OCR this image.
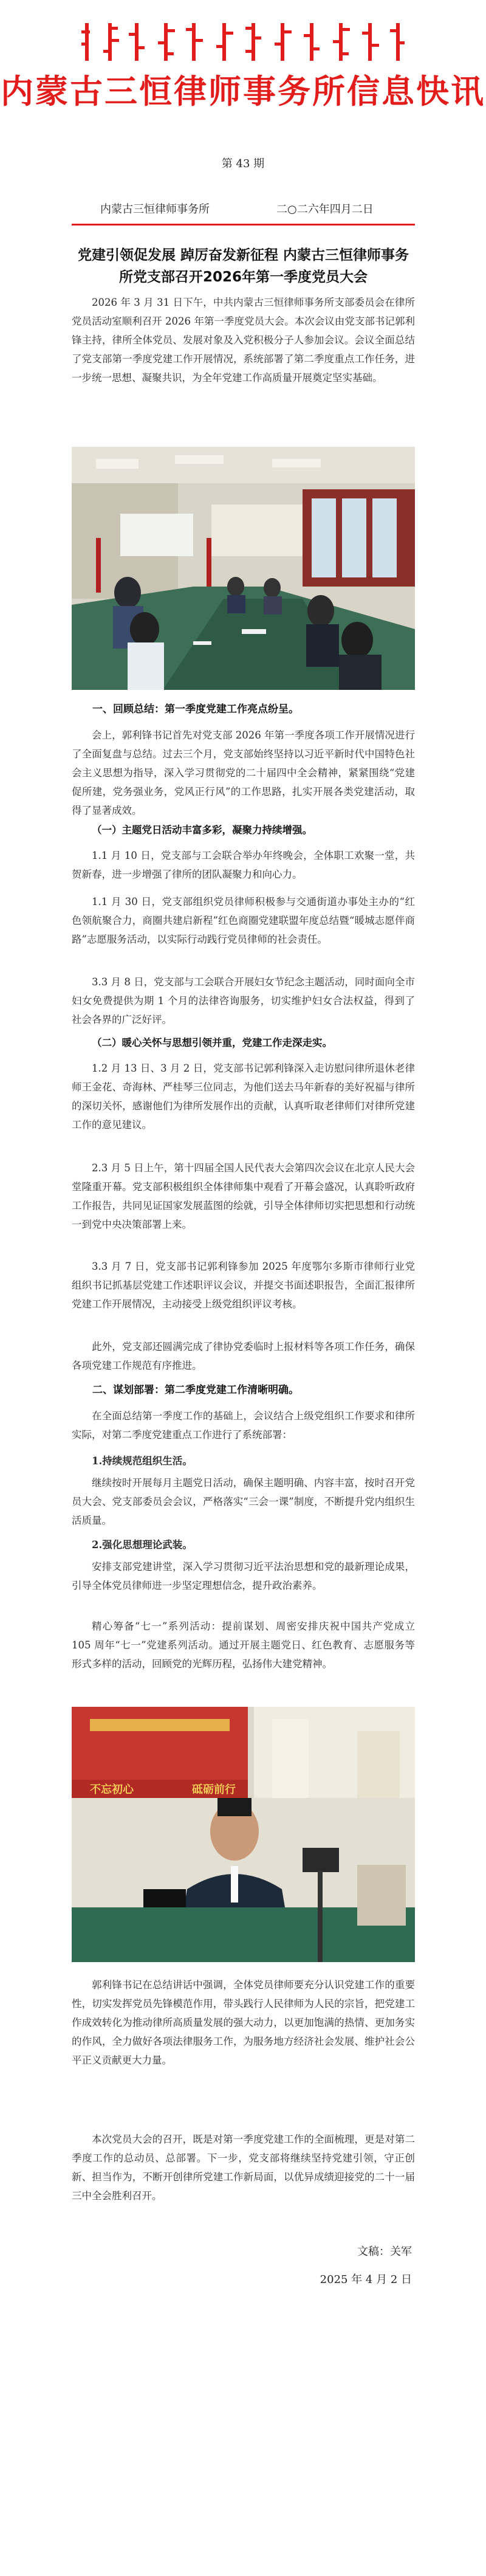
内蒙古三恒律师事务所信息快讯
第 43 期
内蒙古三恒律师事务所	二○二六年四月二日
党建引领促发展 踔厉奋发新征程 内蒙古三恒律师事务所党支部召开2026年第一季度党员大会
2026 年 3 月 31 日下午，中共内蒙古三恒律师事务所支部委员会在律所党员活动室顺利召开 2026 年第一季度党员大会。本次会议由党支部书记郭利锋主持，律所全体党员、发展对象及入党积极分子人参加会议。会议全面总结了党支部第一季度党建工作开展情况，系统部署了第二季度重点工作任务，进一步统一思想、凝聚共识，为全年党建工作高质量开展奠定坚实基础。
一、回顾总结：第一季度党建工作亮点纷呈。
会上，郭利锋书记首先对党支部 2026 年第一季度各项工作开展情况进行了全面复盘与总结。过去三个月，党支部始终坚持以习近平新时代中国特色社会主义思想为指导，深入学习贯彻党的二十届四中全会精神，紧紧围绕“党建促所建，党务强业务，党风正行风”的工作思路，扎实开展各类党建活动，取得了显著成效。
（一）主题党日活动丰富多彩，凝聚力持续增强。
1.1 月 10 日，党支部与工会联合举办年终晚会，全体职工欢聚一堂，共贺新春，进一步增强了律所的团队凝聚力和向心力。
1.1 月 30 日，党支部组织党员律师积极参与交通街道办事处主办的“红色领航聚合力，商圈共建启新程”红色商圈党建联盟年度总结暨“暖城志愿伴商路”志愿服务活动，以实际行动践行党员律师的社会责任。
3.3 月 8 日，党支部与工会联合开展妇女节纪念主题活动，同时面向全市妇女免费提供为期 1 个月的法律咨询服务，切实维护妇女合法权益，得到了社会各界的广泛好评。
（二）暖心关怀与思想引领并重，党建工作走深走实。
1.2 月 13 日、3 月 2 日，党支部书记郭利锋深入走访慰问律所退休老律师王金花、奇海林、严桂琴三位同志，为他们送去马年新春的美好祝福与律所的深切关怀，感谢他们为律所发展作出的贡献，认真听取老律师们对律所党建工作的意见建议。
2.3 月 5 日上午，第十四届全国人民代表大会第四次会议在北京人民大会堂隆重开幕。党支部积极组织全体律师集中观看了开幕会盛况，认真聆听政府工作报告，共同见证国家发展蓝图的绘就，引导全体律师切实把思想和行动统一到党中央决策部署上来。
3.3 月 7 日，党支部书记郭利锋参加 2025 年度鄂尔多斯市律师行业党组织书记抓基层党建工作述职评议会议，并提交书面述职报告，全面汇报律所党建工作开展情况，主动接受上级党组织评议考核。
此外，党支部还圆满完成了律协党委临时上报材料等各项工作任务，确保各项党建工作规范有序推进。
二、谋划部署：第二季度党建工作清晰明确。
在全面总结第一季度工作的基础上，会议结合上级党组织工作要求和律所实际，对第二季度党建重点工作进行了系统部署：
1.持续规范组织生活。
继续按时开展每月主题党日活动，确保主题明确、内容丰富，按时召开党员大会、党支部委员会会议，严格落实“三会一课”制度，不断提升党内组织生活质量。
2.强化思想理论武装。
安排支部党建讲堂，深入学习贯彻习近平法治思想和党的最新理论成果，引导全体党员律师进一步坚定理想信念，提升政治素养。
精心筹备“七一”系列活动：提前谋划、周密安排庆祝中国共产党成立 105 周年“七一”党建系列活动。通过开展主题党日、红色教育、志愿服务等形式多样的活动，回顾党的光辉历程，弘扬伟大建党精神。
不忘初心	砥砺前行
郭利锋书记在总结讲话中强调，全体党员律师要充分认识党建工作的重要性，切实发挥党员先锋模范作用，带头践行人民律师为人民的宗旨，把党建工作成效转化为推动律所高质量发展的强大动力，以更加饱满的热情、更加务实的作风，全力做好各项法律服务工作，为服务地方经济社会发展、维护社会公平正义贡献更大力量。
本次党员大会的召开，既是对第一季度党建工作的全面梳理，更是对第二季度工作的总动员、总部署。下一步，党支部将继续坚持党建引领，守正创新、担当作为，不断开创律所党建工作新局面，以优异成绩迎接党的二十一届三中全会胜利召开。
文稿：关军
2025 年 4 月 2 日
